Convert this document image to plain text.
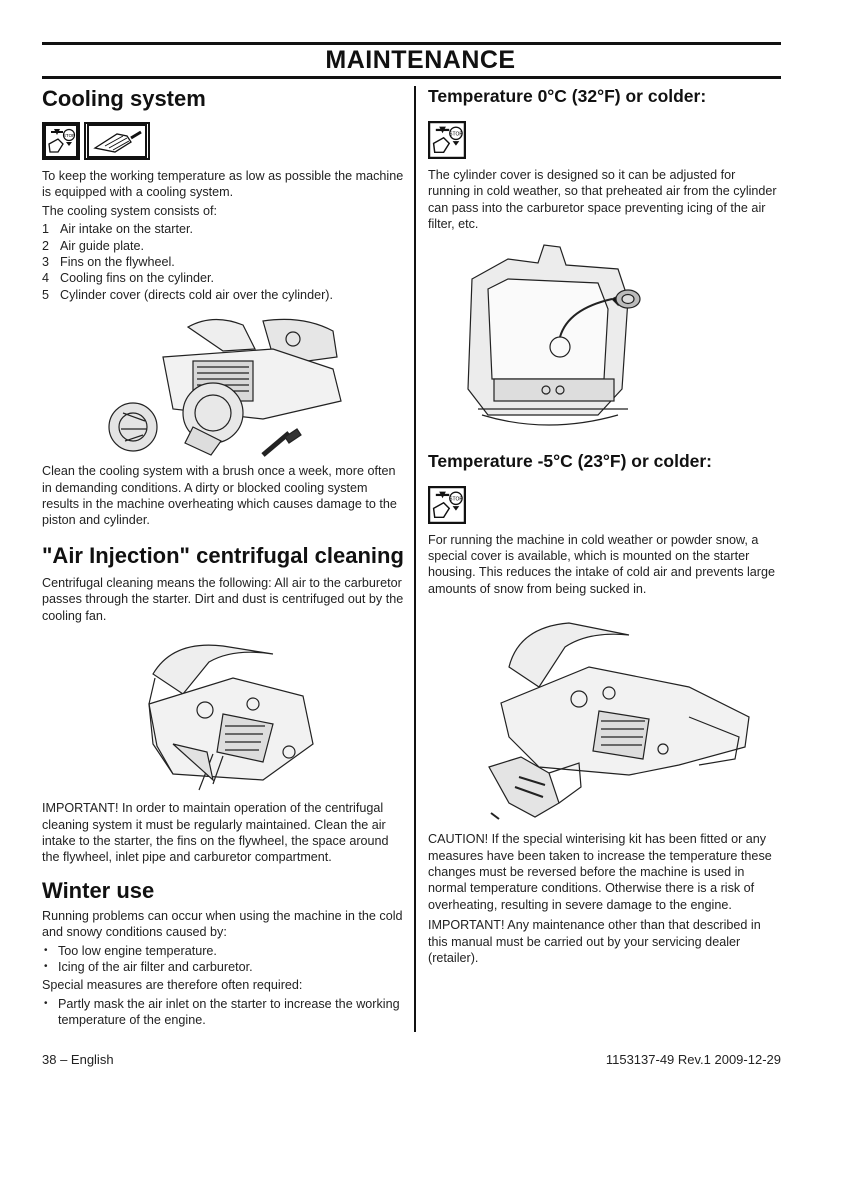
MAINTENANCE
Cooling system
STOP

To keep the working temperature as low as possible the machine is equipped with a cooling system.

The cooling system consists of:

1 Air intake on the starter.
2 Air guide plate.
3 Fins on the flywheel.
4 Cooling fins on the cylinder.
5 Cylinder cover (directs cold air over the cylinder).

Clean the cooling system with a brush once a week, more often in demanding conditions. A dirty or blocked cooling system results in the machine overheating which causes damage to the piston and cylinder.

"Air Injection" centrifugal cleaning

Centrifugal cleaning means the following: All air to the carburetor passes through the starter. Dirt and dust is centrifuged out by the cooling fan.

IMPORTANT! In order to maintain operation of the centrifugal cleaning system it must be regularly maintained. Clean the air intake to the starter, the fins on the flywheel, the space around the flywheel, inlet pipe and carburetor compartment.

Winter use

Running problems can occur when using the machine in the cold and snowy conditions caused by:

• Too low engine temperature.
• Icing of the air filter and carburetor.

Special measures are therefore often required:

• Partly mask the air inlet on the starter to increase the working temperature of the engine.
Temperature 0°C (32°F) or colder:
STOP

The cylinder cover is designed so it can be adjusted for running in cold weather, so that preheated air from the cylinder can pass into the carburetor space preventing icing of the air filter, etc.

Temperature -5°C (23°F) or colder:
STOP

For running the machine in cold weather or powder snow, a special cover is available, which is mounted on the starter housing. This reduces the intake of cold air and prevents large amounts of snow from being sucked in.

CAUTION! If the special winterising kit has been fitted or any measures have been taken to increase the temperature these changes must be reversed before the machine is used in normal temperature conditions. Otherwise there is a risk of overheating, resulting in severe damage to the engine.

IMPORTANT! Any maintenance other than that described in this manual must be carried out by your servicing dealer (retailer).

38 – English	1153137-49 Rev.1 2009-12-29
